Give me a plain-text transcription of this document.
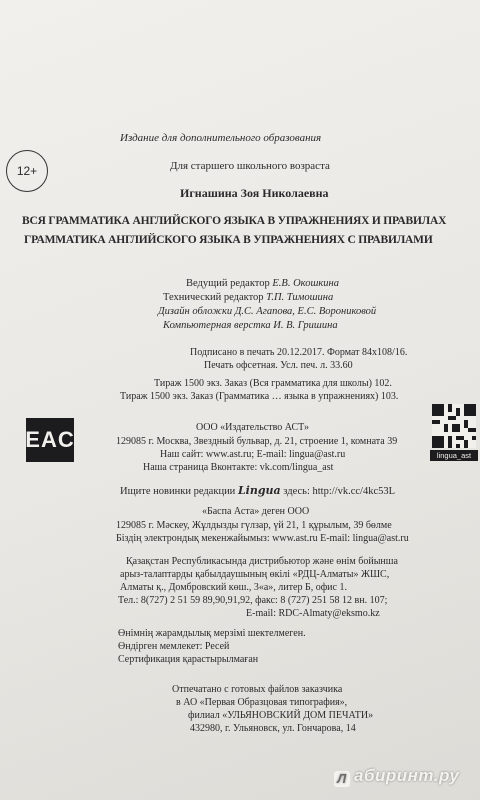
Издание для дополнительного образования
12+	Для старшего школьного возраста
Игнашина Зоя Николаевна
ВСЯ ГРАММАТИКА АНГЛИЙСКОГО ЯЗЫКА В УПРАЖНЕНИЯХ И ПРАВИЛАХ
ГРАММАТИКА АНГЛИЙСКОГО ЯЗЫКА В УПРАЖНЕНИЯХ С ПРАВИЛАМИ
Ведущий редактор Е.В. Окошкина
Технический редактор Т.П. Тимошина
Дизайн обложки Д.С. Агапова, Е.С. Ворониковой
Компьютерная верстка И. В. Гришина
Подписано в печать 20.12.2017. Формат 84x108/16.
Печать офсетная. Усл. печ. л. 33.60
Тираж 1500 экз. Заказ (Вся грамматика для школы) 102.
Тираж 1500 экз. Заказ (Грамматика … языка в упражнениях) 103.
EAC
lingua_ast
ООО «Издательство АСТ»
129085 г. Москва, Звездный бульвар, д. 21, строение 1, комната 39
Наш сайт: www.ast.ru; E-mail: lingua@ast.ru
Наша страница Вконтакте: vk.com/lingua_ast
Ищите новинки редакции Lingua здесь: http://vk.cc/4kc53L
«Баспа Аста» деген ООО
129085 г. Мәскеу, Жұлдызды гүлзар, үй 21, 1 құрылым, 39 бөлме
Біздің электрондық мекенжайымыз: www.ast.ru E-mail: lingua@ast.ru
Қазақстан Республикасында дистрибьютор және өнім бойынша
арыз-талаптарды қабылдаушының өкілі «РДЦ-Алматы» ЖШС,
Алматы қ., Домбровский көш., 3«а», литер Б, офис 1.
Тел.: 8(727) 2 51 59 89,90,91,92, факс: 8 (727) 251 58 12 вн. 107;
E-mail: RDC-Almaty@eksmo.kz
Өнімнің жарамдылық мерзімі шектелмеген.
Өндірген мемлекет: Ресей
Сертификация қарастырылмаған
Отпечатано с готовых файлов заказчика
в АО «Первая Образцовая типография»,
филиал «УЛЬЯНОВСКИЙ ДОМ ПЕЧАТИ»
432980, г. Ульяновск, ул. Гончарова, 14
Л абиринт.ру
